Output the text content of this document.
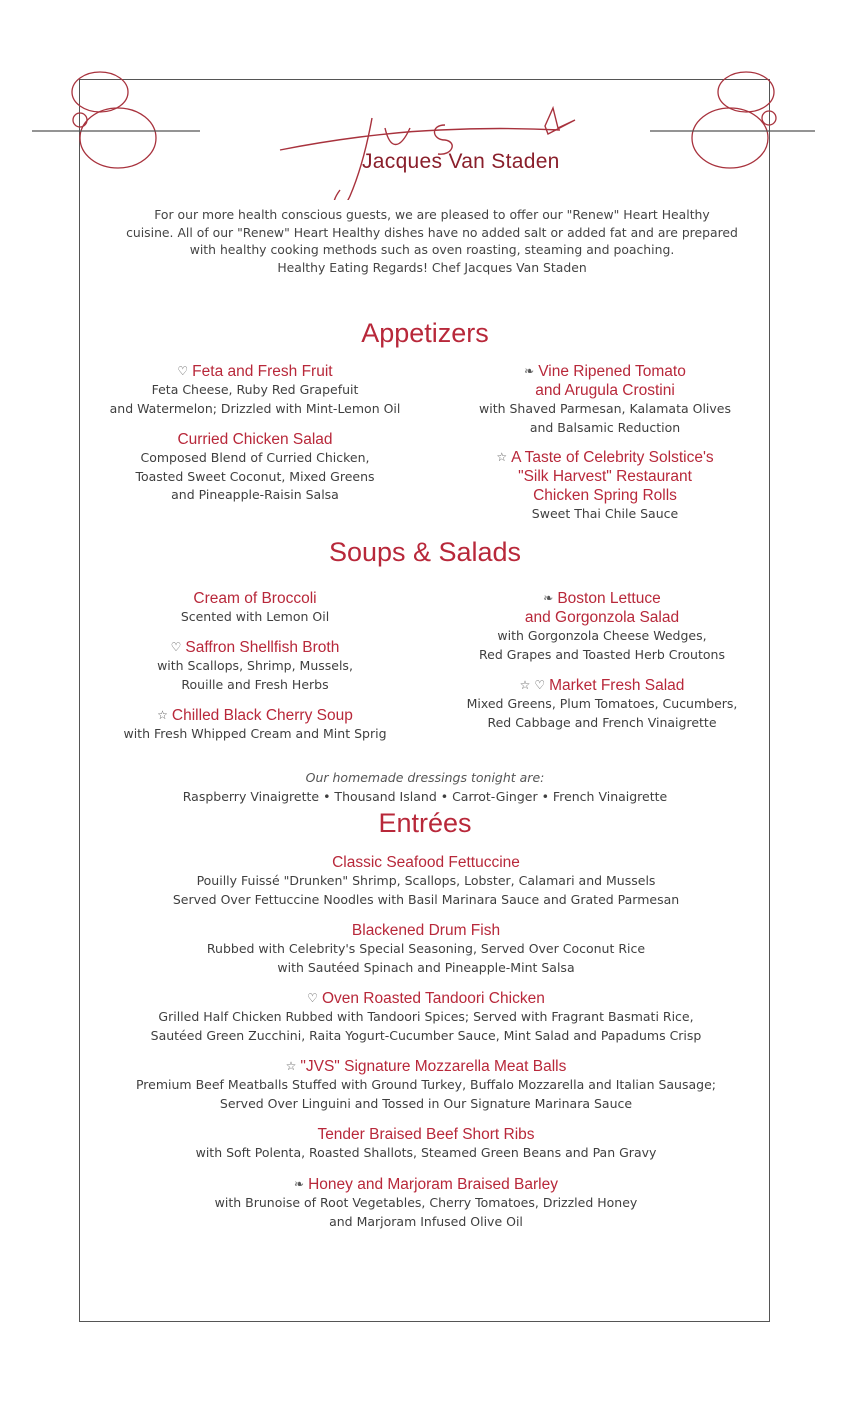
Jacques Van Staden

For our more health conscious guests, we are pleased to offer our "Renew" Heart Healthy

cuisine. All of our "Renew" Heart Healthy dishes have no added salt or added fat and are prepared

with healthy cooking methods such as oven roasting, steaming and poaching.

Healthy Eating Regards! Chef Jacques Van Staden

Appetizers
♡ Feta and Fresh Fruit

Feta Cheese, Ruby Red Grapefuit

and Watermelon; Drizzled with Mint-Lemon Oil

Curried Chicken Salad

Composed Blend of Curried Chicken,

Toasted Sweet Coconut, Mixed Greens

and Pineapple-Raisin Salsa

❧ Vine Ripened Tomato
and Arugula Crostini

with Shaved Parmesan, Kalamata Olives

and Balsamic Reduction

☆ A Taste of Celebrity Solstice's
"Silk Harvest" Restaurant
Chicken Spring Rolls

Sweet Thai Chile Sauce

Soups & Salads
Cream of Broccoli

Scented with Lemon Oil

♡ Saffron Shellfish Broth

with Scallops, Shrimp, Mussels,

Rouille and Fresh Herbs

☆ Chilled Black Cherry Soup

with Fresh Whipped Cream and Mint Sprig

❧ Boston Lettuce
and Gorgonzola Salad

with Gorgonzola Cheese Wedges,

Red Grapes and Toasted Herb Croutons

☆ ♡ Market Fresh Salad

Mixed Greens, Plum Tomatoes, Cucumbers,

Red Cabbage and French Vinaigrette

Our homemade dressings tonight are:
Raspberry Vinaigrette • Thousand Island • Carrot-Ginger • French Vinaigrette
Entrées
Classic Seafood Fettuccine

Pouilly Fuissé "Drunken" Shrimp, Scallops, Lobster, Calamari and Mussels

Served Over Fettuccine Noodles with Basil Marinara Sauce and Grated Parmesan

Blackened Drum Fish

Rubbed with Celebrity's Special Seasoning, Served Over Coconut Rice

with Sautéed Spinach and Pineapple-Mint Salsa

♡ Oven Roasted Tandoori Chicken

Grilled Half Chicken Rubbed with Tandoori Spices; Served with Fragrant Basmati Rice,

Sautéed Green Zucchini, Raita Yogurt-Cucumber Sauce, Mint Salad and Papadums Crisp

☆ "JVS" Signature Mozzarella Meat Balls

Premium Beef Meatballs Stuffed with Ground Turkey, Buffalo Mozzarella and Italian Sausage;

Served Over Linguini and Tossed in Our Signature Marinara Sauce

Tender Braised Beef Short Ribs

with Soft Polenta, Roasted Shallots, Steamed Green Beans and Pan Gravy

❧ Honey and Marjoram Braised Barley

with Brunoise of Root Vegetables, Cherry Tomatoes, Drizzled Honey

and Marjoram Infused Olive Oil
